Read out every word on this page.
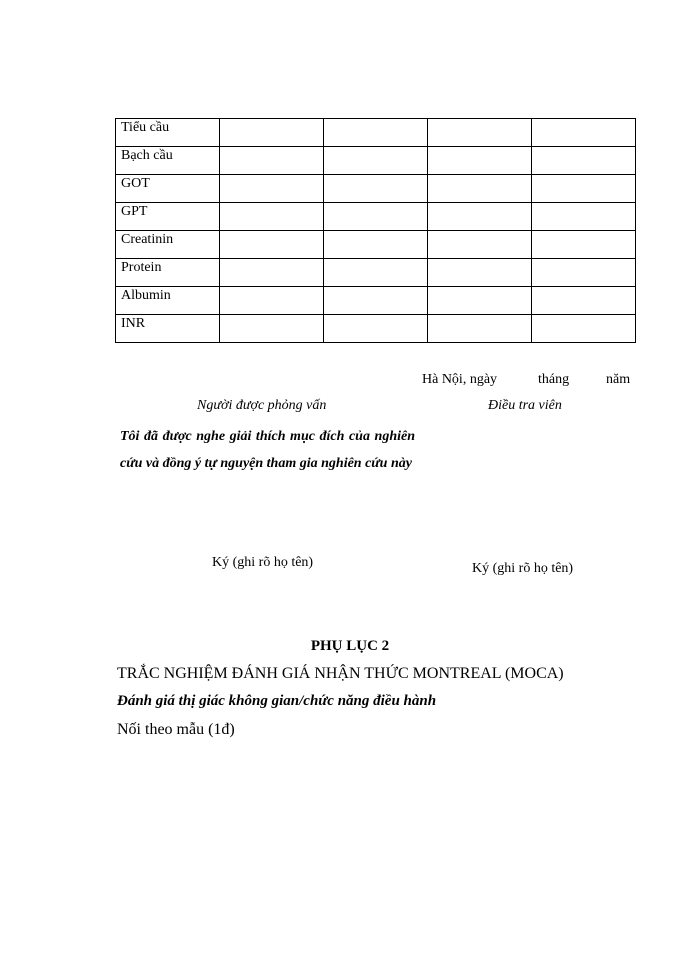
Tiểu cầu				
Bạch cầu				
GOT				
GPT				
Creatinin				
Protein				
Albumin				
INR				
Hà Nội, ngày	tháng	năm
Người được phỏng vấn	Điều tra viên
Tôi đã được nghe giải thích mục đích của nghiên cứu và đồng ý tự nguyện tham gia nghiên cứu này
Ký (ghi rõ họ tên)	Ký (ghi rõ họ tên)
PHỤ LỤC 2
TRẮC NGHIỆM ĐÁNH GIÁ NHẬN THỨC MONTREAL (MOCA)
Đánh giá thị giác không gian/chức năng điều hành
Nối theo mẫu (1đ)
